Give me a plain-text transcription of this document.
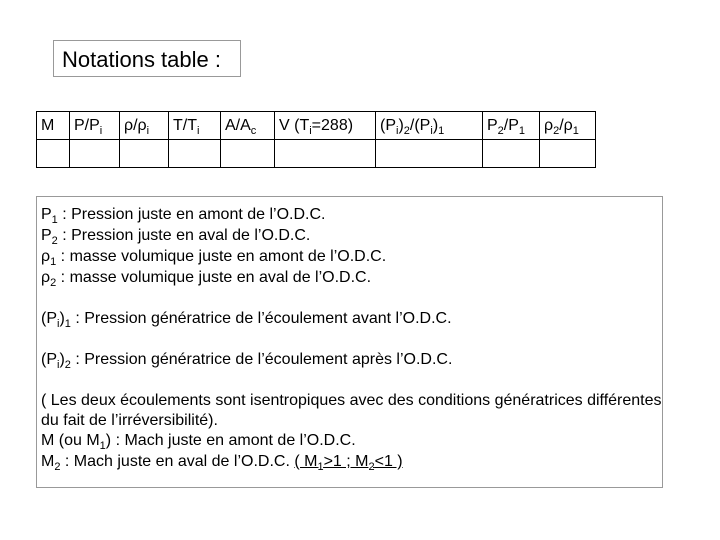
Notations table :
M	$P/P_i$	$\rho/\rho_i$	$T/T_i$	$A/A_c$	V $(T_i=288)$	$(P_i)_2/(P_i)_1$	$P_2/P_1$	$\rho_2/\rho_1$

$P_1$ : Pression juste en amont de l’O.D.C.

$P_2$ : Pression juste en aval de l’O.D.C.

$\rho_1$ : masse volumique juste en amont de l’O.D.C.

$\rho_2$ : masse volumique juste en aval de l’O.D.C.

$(P_i)_1$ : Pression génératrice de l’écoulement avant l’O.D.C.

$(P_i)_2$ : Pression génératrice de l’écoulement après l’O.D.C.

( Les deux écoulements sont isentropiques avec des conditions génératrices différentes du fait de l’irréversibilité).

M (ou $M_1$) : Mach juste en amont de l’O.D.C.

$M_2$ : Mach juste en aval de l’O.D.C. ( $M_1>1$ ; $M_2<1$ )
